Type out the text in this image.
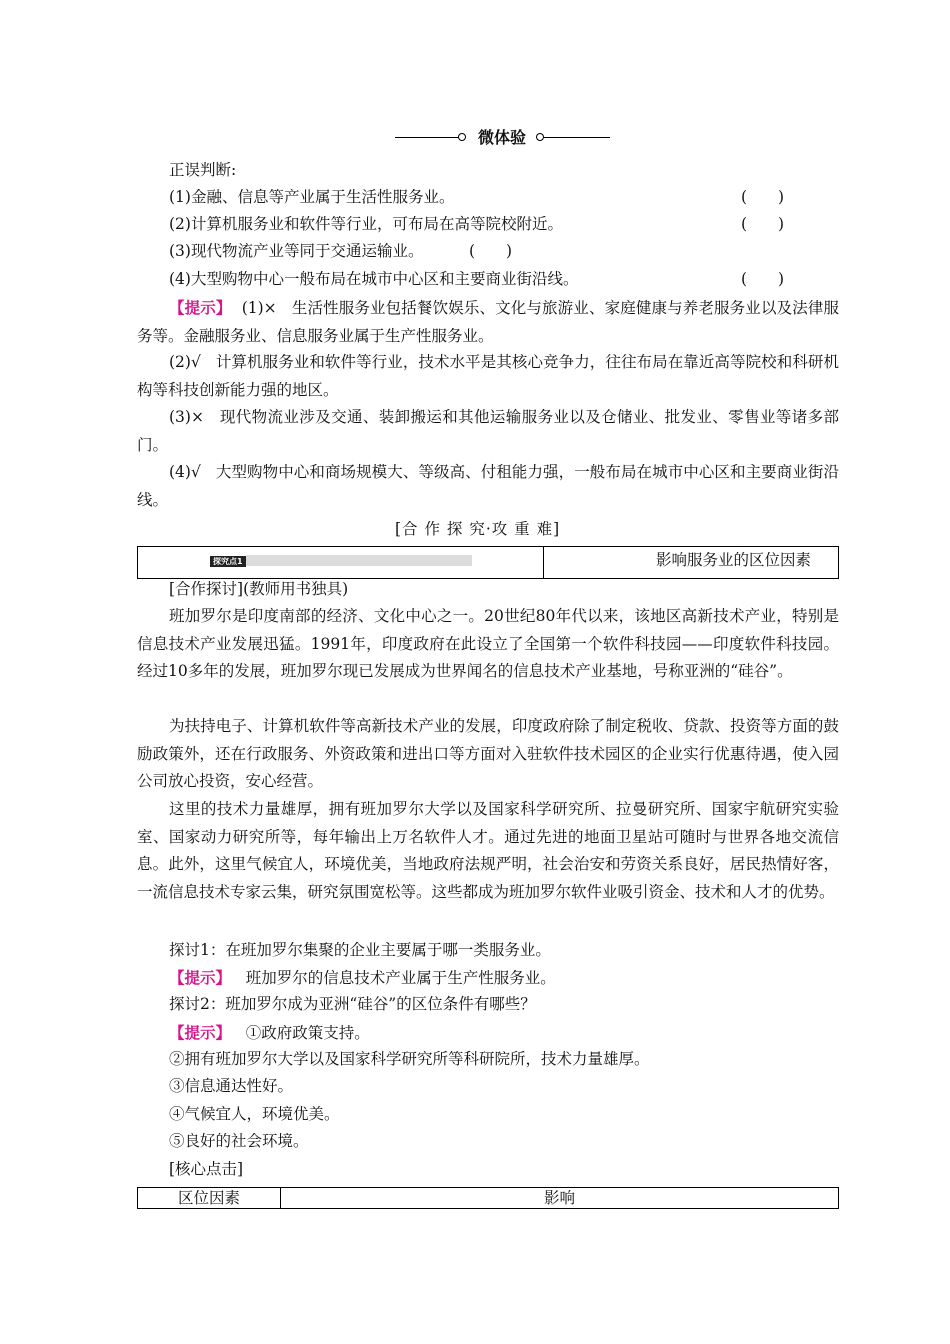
微体验
正误判断:
(1)金融、信息等产业属于生活性服务业。	(　　)
(2)计算机服务业和软件等行业，可布局在高等院校附近。	(　　)
(3)现代物流产业等同于交通运输业。	(　　)
(4)大型购物中心一般布局在城市中心区和主要商业街沿线。	(　　)
【提示】 (1)× 生活性服务业包括餐饮娱乐、文化与旅游业、家庭健康与养老服务业以及法律服务等。金融服务业、信息服务业属于生产性服务业。
(2)√ 计算机服务业和软件等行业，技术水平是其核心竞争力，往往布局在靠近高等院校和科研机构等科技创新能力强的地区。
(3)× 现代物流业涉及交通、装卸搬运和其他运输服务业以及仓储业、批发业、零售业等诸多部门。
(4)√ 大型购物中心和商场规模大、等级高、付租能力强，一般布局在城市中心区和主要商业街沿线。
[合 作 探 究·攻 重 难]
探究点1	影响服务业的区位因素
[合作探讨](教师用书独具)
班加罗尔是印度南部的经济、文化中心之一。20世纪80年代以来，该地区高新技术产业，特别是信息技术产业发展迅猛。1991年，印度政府在此设立了全国第一个软件科技园——印度软件科技园。经过10多年的发展，班加罗尔现已发展成为世界闻名的信息技术产业基地，号称亚洲的“硅谷”。
为扶持电子、计算机软件等高新技术产业的发展，印度政府除了制定税收、贷款、投资等方面的鼓励政策外，还在行政服务、外资政策和进出口等方面对入驻软件技术园区的企业实行优惠待遇，使入园公司放心投资，安心经营。
这里的技术力量雄厚，拥有班加罗尔大学以及国家科学研究所、拉曼研究所、国家宇航研究实验室、国家动力研究所等，每年输出上万名软件人才。通过先进的地面卫星站可随时与世界各地交流信息。此外，这里气候宜人，环境优美，当地政府法规严明，社会治安和劳资关系良好，居民热情好客，一流信息技术专家云集，研究氛围宽松等。这些都成为班加罗尔软件业吸引资金、技术和人才的优势。
探讨1：在班加罗尔集聚的企业主要属于哪一类服务业。
【提示】 班加罗尔的信息技术产业属于生产性服务业。
探讨2：班加罗尔成为亚洲“硅谷”的区位条件有哪些？
【提示】 ①政府政策支持。
②拥有班加罗尔大学以及国家科学研究所等科研院所，技术力量雄厚。
③信息通达性好。
④气候宜人，环境优美。
⑤良好的社会环境。
[核心点击]
区位因素	影响
